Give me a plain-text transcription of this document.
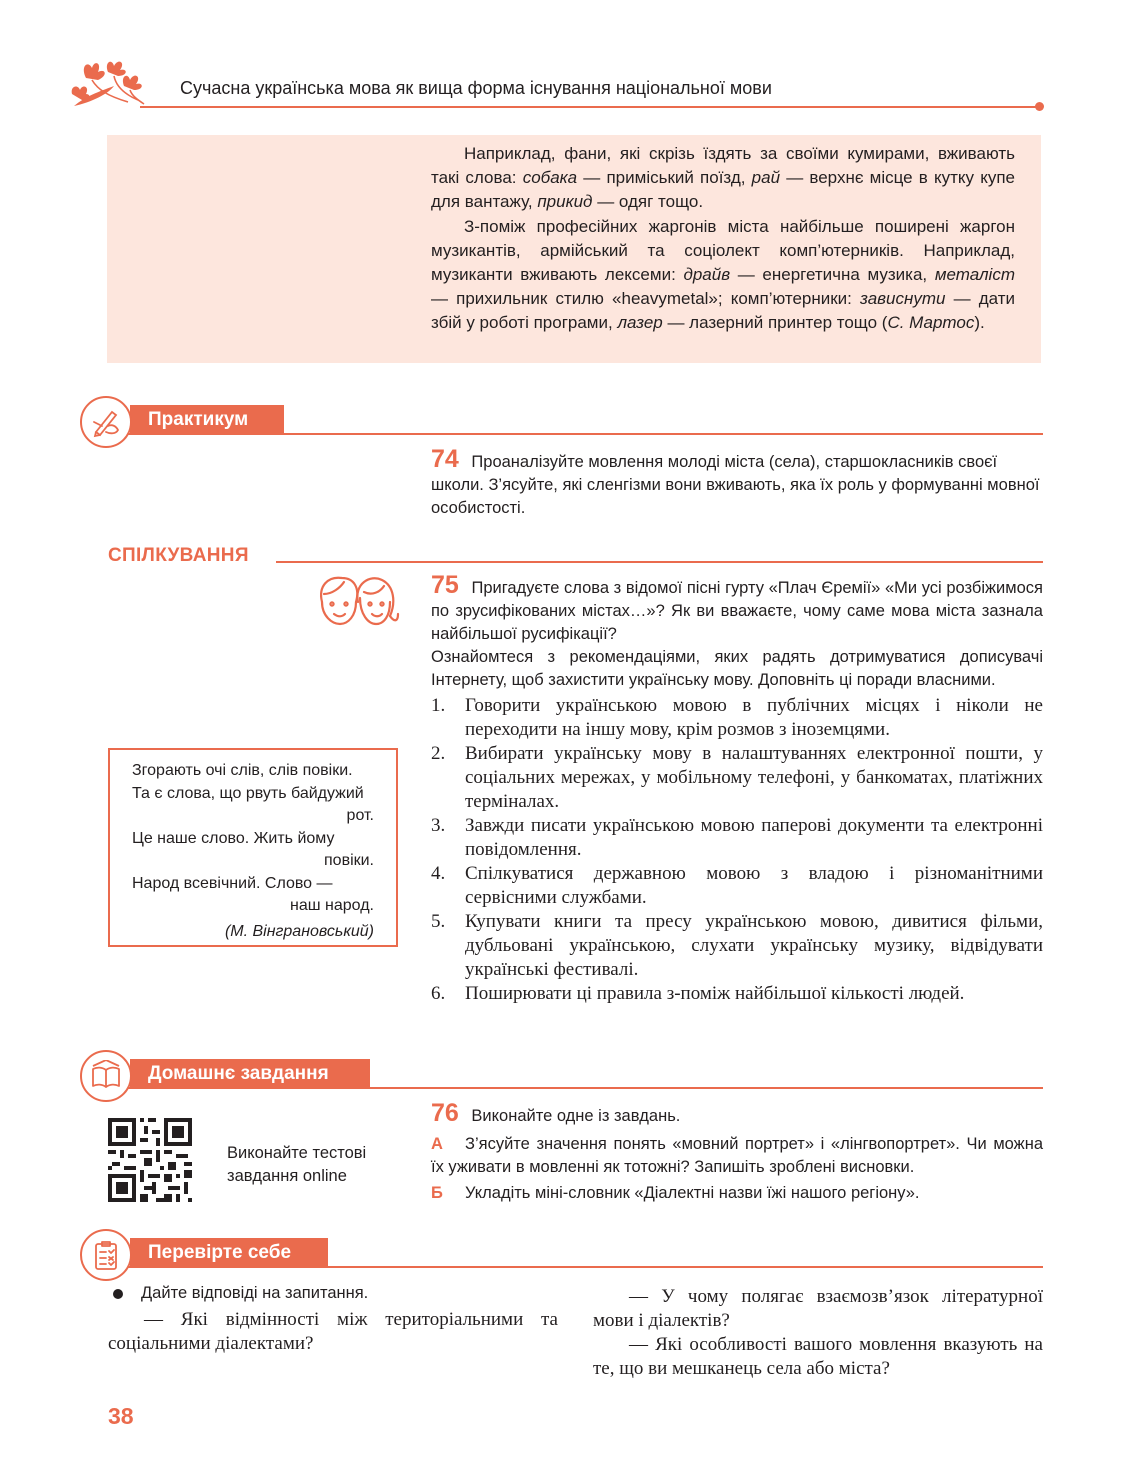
Сучасна українська мова як вища форма існування національної мови

Наприклад, фани, які скрізь їздять за своїми кумирами, вживають такі слова: собака — приміський поїзд, рай — верхнє місце в кутку купе для вантажу, прикид — одяг тощо.

З-поміж професійних жаргонів міста найбільше поширені жаргон музикантів, армійський та соціолект комп’ютерників. Наприклад, музиканти вживають лексеми: драйв — енергетична музика, металіст — прихильник стилю «heavymetal»; комп’ютерники: зависнути — дати збій у роботі програми, лазер — лазерний принтер тощо (С. Мартос).

Практикум
74 Проаналізуйте мовлення молоді міста (села), старшокласників своєї школи. З’ясуйте, які сленгізми вони вживають, яка їх роль у формуванні мовної особистості.
СПІЛКУВАННЯ
75 Пригадуєте слова з відомої пісні гурту «Плач Єремії» «Ми усі розбіжимося по зрусифікованих містах…»? Як ви вважаєте, чому саме мова міста зазнала найбільшої русифікації?
Ознайомтеся з рекомендаціями, яких радять дотримуватися дописувачі Інтернету, щоб захистити українську мову. Доповніть ці поради власними.
1.	Говорити українською мовою в публічних місцях і ніколи не переходити на іншу мову, крім розмов з іноземцями.
2.	Вибирати українську мову в налаштуваннях електронної пошти, у соціальних мережах, у мобільному телефоні, у банкоматах, платіжних терміналах.
3.	Завжди писати українською мовою паперові документи та електронні повідомлення.
4.	Спілкуватися державною мовою з владою і різноманітними сервісними службами.
5.	Купувати книги та пресу українською мовою, дивитися фільми, дубльовані українською, слухати українську музику, відвідувати українські фестивалі.
6.	Поширювати ці правила з-поміж найбільшої кількості людей.
Згорають очі слів, слів повіки.
Та є слова, що рвуть байдужий
рот.
Це наше слово. Жить йому
повіки.
Народ всевічний. Слово —
наш народ.
(М. Вінграновський)
Домашнє завдання
Виконайте тестові завдання online
76 Виконайте одне із завдань.
А З’ясуйте значення понять «мовний портрет» і «лінгвопортрет». Чи можна їх уживати в мовленні як тотожні? Запишіть зроблені висновки.
Б Укладіть міні-словник «Діалектні назви їжі нашого регіону».
Перевірте себе
Дайте відповіді на запитання.
— Які відмінності між територіальними та соціальними діалектами?
— У чому полягає взаємозв’язок літературної мови і діалектів?
— Які особливості вашого мовлення вказують на те, що ви мешканець села або міста?
38
